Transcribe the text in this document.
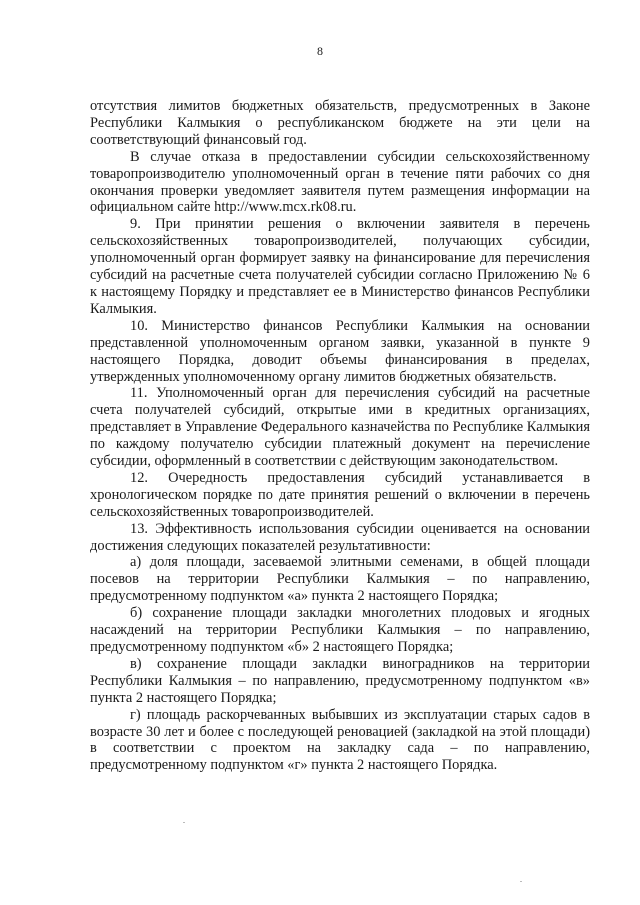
8

отсутствия лимитов бюджетных обязательств, предусмотренных в Законе Республики Калмыкия о республиканском бюджете на эти цели на соответствующий финансовый год.

В случае отказа в предоставлении субсидии сельскохозяйственному товаропроизводителю уполномоченный орган в течение пяти рабочих со дня окончания проверки уведомляет заявителя путем размещения информации на официальном сайте http://www.mcx.rk08.ru.

9. При принятии решения о включении заявителя в перечень сельскохозяйственных товаропроизводителей, получающих субсидии, уполномоченный орган формирует заявку на финансирование для перечисления субсидий на расчетные счета получателей субсидии согласно Приложению № 6 к настоящему Порядку и представляет ее в Министерство финансов Республики Калмыкия.

10. Министерство финансов Республики Калмыкия на основании представленной уполномоченным органом заявки, указанной в пункте 9 настоящего Порядка, доводит объемы финансирования в пределах, утвержденных уполномоченному органу лимитов бюджетных обязательств.

11. Уполномоченный орган для перечисления субсидий на расчетные счета получателей субсидий, открытые ими в кредитных организациях, представляет в Управление Федерального казначейства по Республике Калмыкия по каждому получателю субсидии платежный документ на перечисление субсидии, оформленный в соответствии с действующим законодательством.

12. Очередность предоставления субсидий устанавливается в хронологическом порядке по дате принятия решений о включении в перечень сельскохозяйственных товаропроизводителей.

13. Эффективность использования субсидии оценивается на основании достижения следующих показателей результативности:

а) доля площади, засеваемой элитными семенами, в общей площади посевов на территории Республики Калмыкия – по направлению, предусмотренному подпунктом «а» пункта 2 настоящего Порядка;

б) сохранение площади закладки многолетних плодовых и ягодных насаждений на территории Республики Калмыкия – по направлению, предусмотренному подпунктом «б» 2 настоящего Порядка;

в) сохранение площади закладки виноградников на территории Республики Калмыкия – по направлению, предусмотренному подпунктом «в» пункта 2 настоящего Порядка;

г) площадь раскорчеванных выбывших из эксплуатации старых садов в возрасте 30 лет и более с последующей реновацией (закладкой на этой площади) в соответствии с проектом на закладку сада – по направлению, предусмотренному подпунктом «г» пункта 2 настоящего Порядка.
